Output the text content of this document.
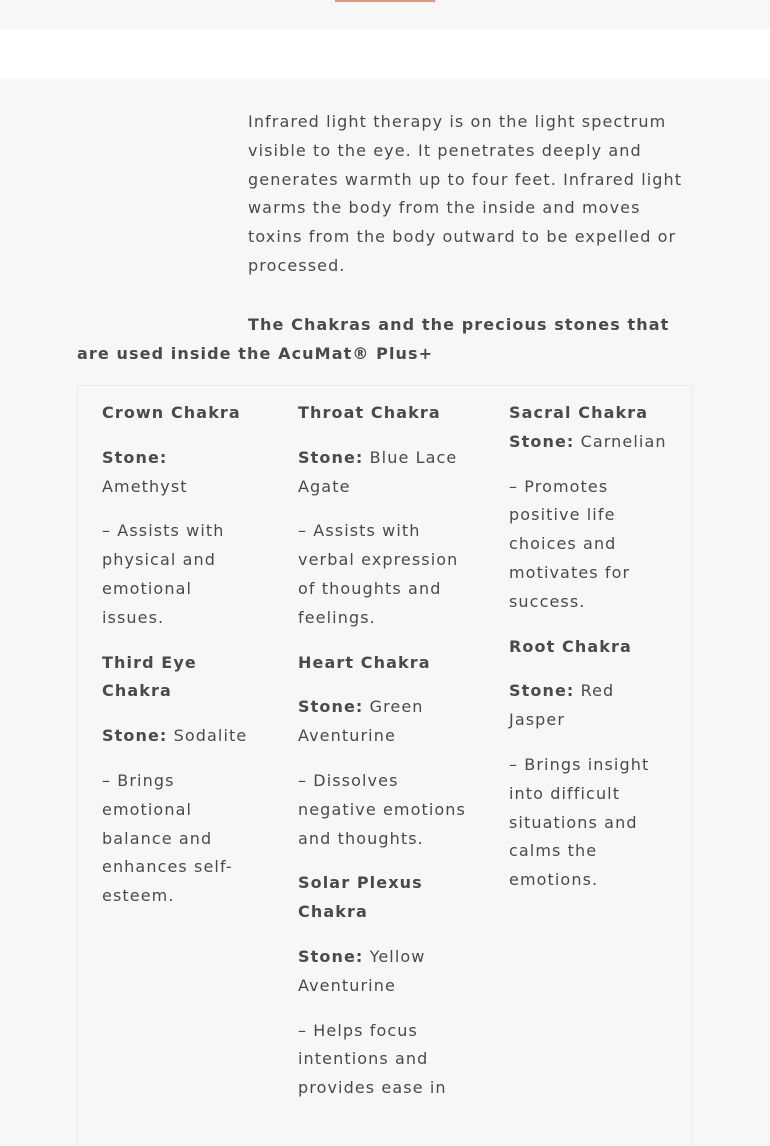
Infrared light therapy is on the light spectrum visible to the eye. It penetrates deeply and generates warmth up to four feet. Infrared light warms the body from the inside and moves toxins from the body outward to be expelled or processed.

The Chakras and the precious stones that are used inside the AcuMat® Plus+

Crown Chakra
Stone: Amethyst
– Assists with physical and emotional issues.
Third Eye Chakra
Stone: Sodalite
– Brings emotional balance and enhances self-esteem.
Throat Chakra
Stone: Blue Lace Agate
– Assists with verbal expression of thoughts and feelings.
Heart Chakra
Stone: Green Aventurine
– Dissolves negative emotions and thoughts.
Solar Plexus Chakra
Stone: Yellow Aventurine
– Helps focus intentions and provides ease in
Sacral Chakra
Stone: Carnelian
– Promotes positive life choices and motivates for success.
Root Chakra
Stone: Red Jasper
– Brings insight into difficult situations and calms the emotions.
